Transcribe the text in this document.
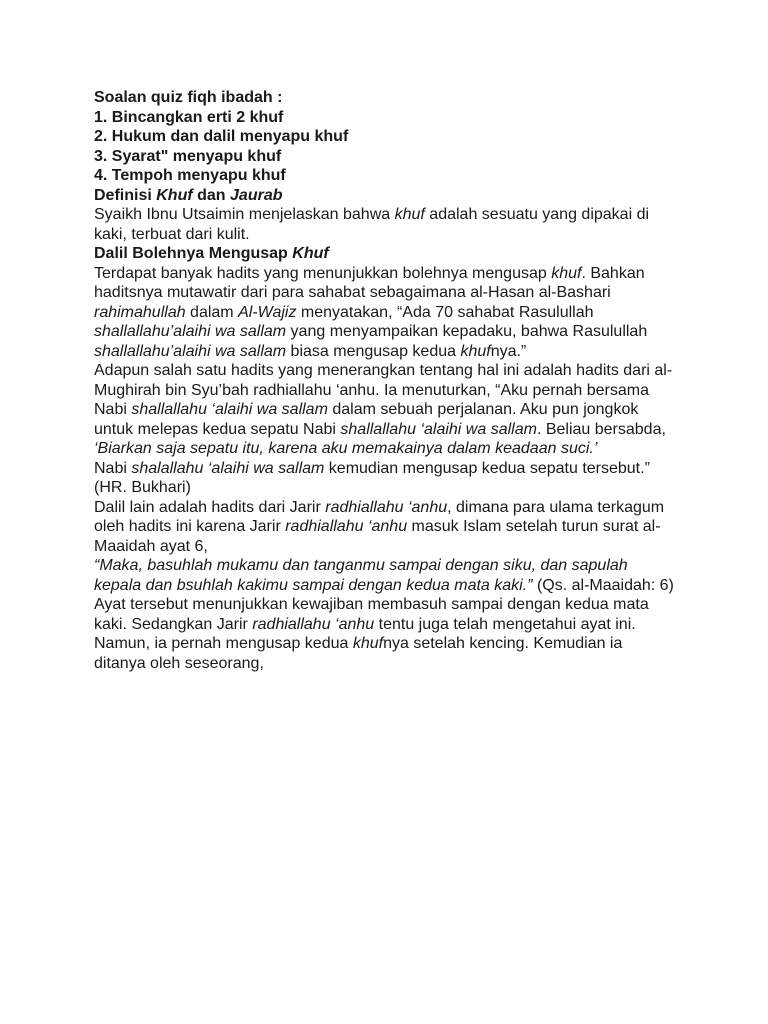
Soalan quiz fiqh ibadah :

1. Bincangkan erti 2 khuf

2. Hukum dan dalil menyapu khuf

3. Syarat" menyapu khuf

4. Tempoh menyapu khuf

Definisi Khuf dan Jaurab

Syaikh Ibnu Utsaimin menjelaskan bahwa khuf adalah sesuatu yang dipakai di kaki, terbuat dari kulit.

Dalil Bolehnya Mengusap Khuf

Terdapat banyak hadits yang menunjukkan bolehnya mengusap khuf. Bahkan haditsnya mutawatir dari para sahabat sebagaimana al-Hasan al-Bashari rahimahullah dalam Al-Wajiz menyatakan, “Ada 70 sahabat Rasulullah shallallahu’alaihi wa sallam yang menyampaikan kepadaku, bahwa Rasulullah shallallahu’alaihi wa sallam biasa mengusap kedua khufnya.”

Adapun salah satu hadits yang menerangkan tentang hal ini adalah hadits dari al-Mughirah bin Syu’bah radhiallahu ‘anhu. Ia menuturkan, “Aku pernah bersama Nabi shallallahu ‘alaihi wa sallam dalam sebuah perjalanan. Aku pun jongkok untuk melepas kedua sepatu Nabi shallallahu ‘alaihi wa sallam. Beliau bersabda,

‘Biarkan saja sepatu itu, karena aku memakainya dalam keadaan suci.’

Nabi shalallahu ‘alaihi wa sallam kemudian mengusap kedua sepatu tersebut.” (HR. Bukhari)

Dalil lain adalah hadits dari Jarir radhiallahu ‘anhu, dimana para ulama terkagum oleh hadits ini karena Jarir radhiallahu ‘anhu masuk Islam setelah turun surat al-Maaidah ayat 6,

“Maka, basuhlah mukamu dan tanganmu sampai dengan siku, dan sapulah kepala dan bsuhlah kakimu sampai dengan kedua mata kaki.” (Qs. al-Maaidah: 6)

Ayat tersebut menunjukkan kewajiban membasuh sampai dengan kedua mata kaki. Sedangkan Jarir radhiallahu ‘anhu tentu juga telah mengetahui ayat ini. Namun, ia pernah mengusap kedua khufnya setelah kencing. Kemudian ia ditanya oleh seseorang,
